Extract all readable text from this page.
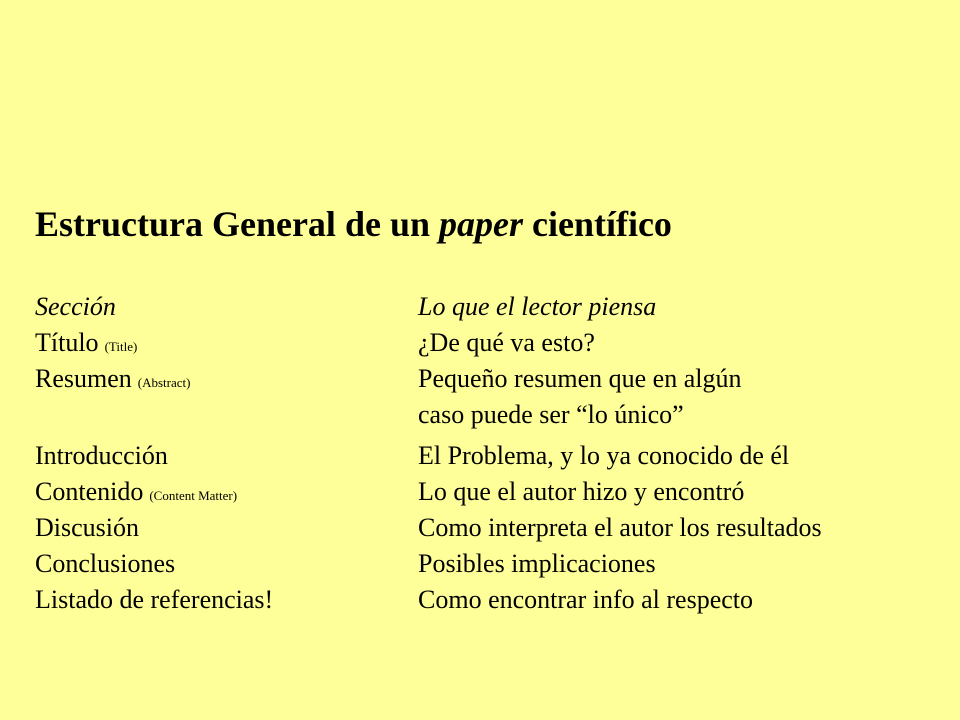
Estructura General de un paper científico
Sección	Lo que el lector piensa
Título (Title)	¿De qué va esto?
Resumen (Abstract)	Pequeño resumen que en algún
caso puede ser “lo único”
Introducción	El Problema, y lo ya conocido de él
Contenido (Content Matter)	Lo que el autor hizo y encontró
Discusión	Como interpreta el autor los resultados
Conclusiones	Posibles implicaciones
Listado de referencias!	Como encontrar info al respecto
